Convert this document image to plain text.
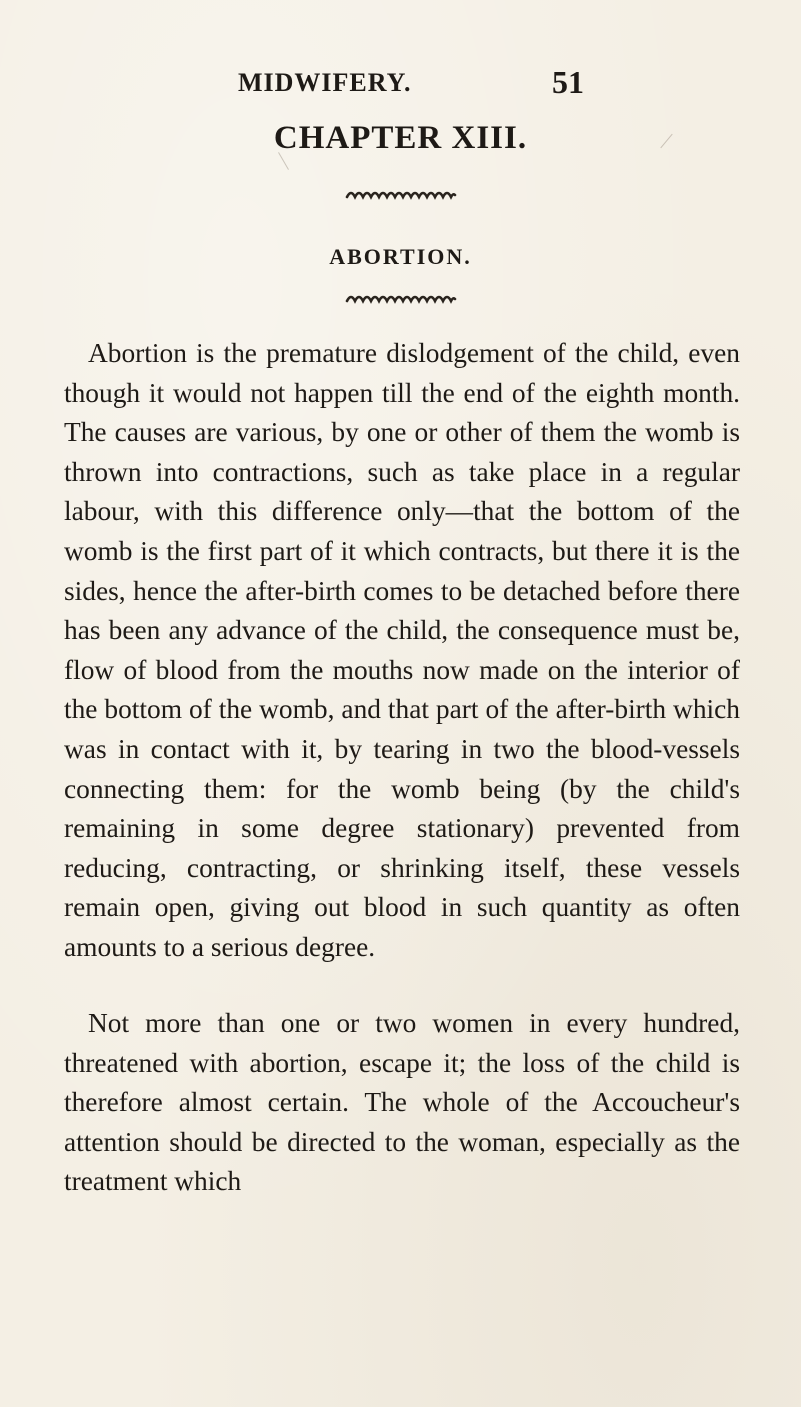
MIDWIFERY.	51
CHAPTER XIII.
ABORTION.

Abortion is the premature dislodgement of the child, even though it would not happen till the end of the eighth month. The causes are various, by one or other of them the womb is thrown into contractions, such as take place in a regular labour, with this difference only—that the bottom of the womb is the first part of it which contracts, but there it is the sides, hence the after-birth comes to be detached before there has been any advance of the child, the consequence must be, flow of blood from the mouths now made on the interior of the bottom of the womb, and that part of the after-birth which was in contact with it, by tearing in two the blood-vessels connecting them: for the womb being (by the child's remaining in some degree stationary) prevented from reducing, contracting, or shrinking itself, these vessels remain open, giving out blood in such quantity as often amounts to a serious degree.

Not more than one or two women in every hundred, threatened with abortion, escape it; the loss of the child is therefore almost certain. The whole of the Accoucheur's attention should be directed to the woman, especially as the treatment which
